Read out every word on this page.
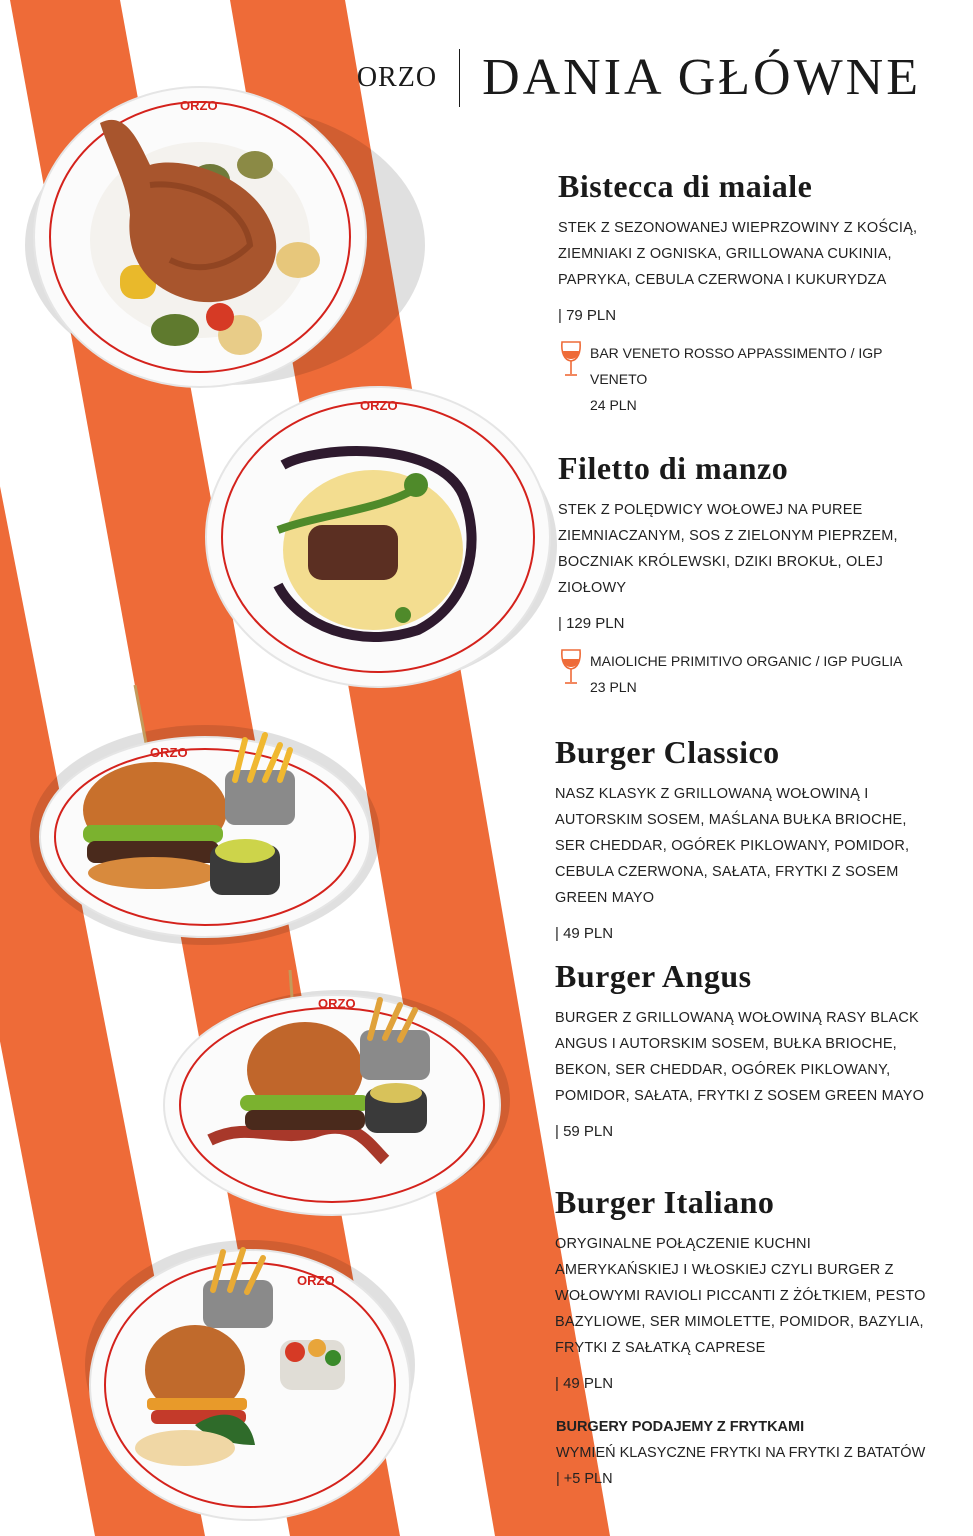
ORZO
ORZO
ORZO
ORZO
ORZO
ORZO DANIA GŁÓWNE
Bistecca di maiale
STEK Z SEZONOWANEJ WIEPRZOWINY Z KOŚCIĄ, ZIEMNIAKI Z OGNISKA, GRILLOWANA CUKINIA, PAPRYKA, CEBULA CZERWONA I KUKURYDZA
| 79 PLN
BAR VENETO ROSSO APPASSIMENTO / IGP VENETO
24 PLN
Filetto di manzo
STEK Z POLĘDWICY WOŁOWEJ NA PUREE ZIEMNIACZANYM, SOS Z ZIELONYM PIEPRZEM, BOCZNIAK KRÓLEWSKI, DZIKI BROKUŁ, OLEJ ZIOŁOWY
| 129 PLN
MAIOLICHE PRIMITIVO ORGANIC / IGP PUGLIA
23 PLN
Burger Classico
NASZ KLASYK Z GRILLOWANĄ WOŁOWINĄ I AUTORSKIM SOSEM, MAŚLANA BUŁKA BRIOCHE, SER CHEDDAR, OGÓREK PIKLOWANY, POMIDOR, CEBULA CZERWONA, SAŁATA, FRYTKI Z SOSEM GREEN MAYO
| 49 PLN
Burger Angus
BURGER Z GRILLOWANĄ WOŁOWINĄ RASY BLACK ANGUS I AUTORSKIM SOSEM, BUŁKA BRIOCHE, BEKON, SER CHEDDAR, OGÓREK PIKLOWANY, POMIDOR, SAŁATA, FRYTKI Z SOSEM GREEN MAYO
| 59 PLN
Burger Italiano
ORYGINALNE POŁĄCZENIE KUCHNI AMERYKAŃSKIEJ I WŁOSKIEJ CZYLI BURGER Z WOŁOWYMI RAVIOLI PICCANTI Z ŻÓŁTKIEM, PESTO BAZYLIOWE, SER MIMOLETTE, POMIDOR, BAZYLIA, FRYTKI Z SAŁATKĄ CAPRESE
| 49 PLN
BURGERY PODAJEMY Z FRYTKAMI
WYMIEŃ KLASYCZNE FRYTKI NA FRYTKI Z BATATÓW
| +5 PLN
